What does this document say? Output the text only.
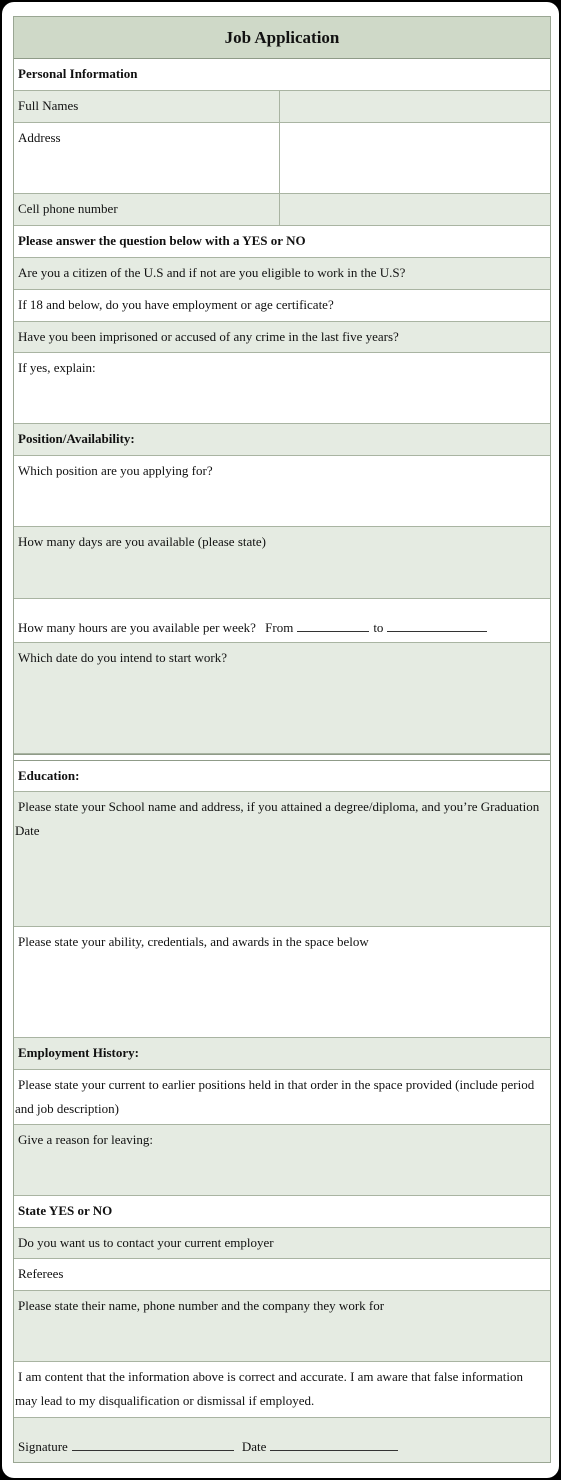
Job Application
Personal Information
Full Names
Address
Cell phone number
Please answer the question below with a YES or NO
Are you a citizen of the U.S and if not are you eligible to work in the U.S?
If 18 and below, do you have employment or age certificate?
Have you been imprisoned or accused of any crime in the last five years?
If yes, explain:
Position/Availability:
Which position are you applying for?
How many days are you available (please state)
How many hours are you available per week? From	to
Which date do you intend to start work?
Education:
Please state your School name and address, if you attained a degree/diploma, and you’re Graduation Date
Please state your ability, credentials, and awards in the space below
Employment History:
Please state your current to earlier positions held in that order in the space provided (include period and job description)
Give a reason for leaving:
State YES or NO
Do you want us to contact your current employer
Referees
Please state their name, phone number and the company they work for
I am content that the information above is correct and accurate. I am aware that false information may lead to my disqualification or dismissal if employed.
Signature	Date
